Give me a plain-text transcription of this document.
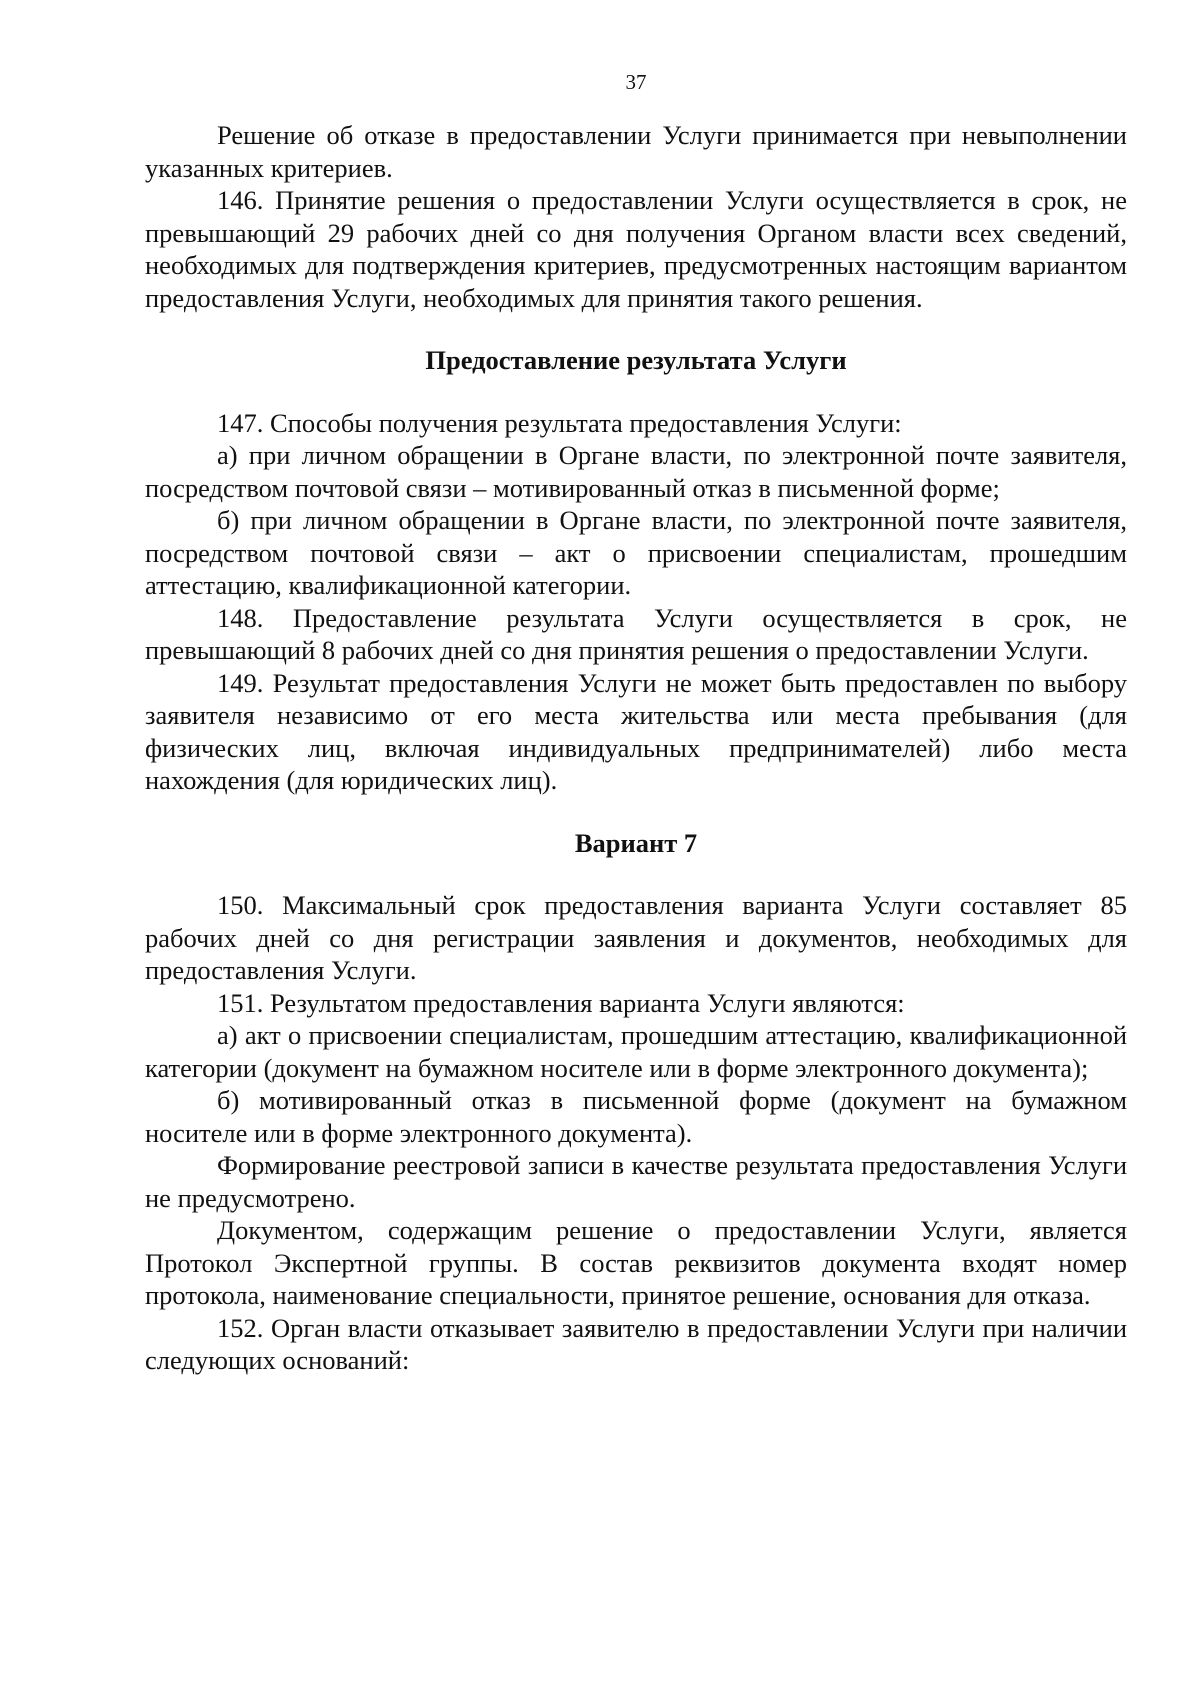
37

Решение об отказе в предоставлении Услуги принимается при невыполнении указанных критериев.

146. Принятие решения о предоставлении Услуги осуществляется в срок, не превышающий 29 рабочих дней со дня получения Органом власти всех сведений, необходимых для подтверждения критериев, предусмотренных настоящим вариантом предоставления Услуги, необходимых для принятия такого решения.

Предоставление результата Услуги

147. Способы получения результата предоставления Услуги:

а) при личном обращении в Органе власти, по электронной почте заявителя, посредством почтовой связи – мотивированный отказ в письменной форме;

б) при личном обращении в Органе власти, по электронной почте заявителя, посредством почтовой связи – акт о присвоении специалистам, прошедшим аттестацию, квалификационной категории.

148. Предоставление результата Услуги осуществляется в срок, не превышающий 8 рабочих дней со дня принятия решения о предоставлении Услуги.

149. Результат предоставления Услуги не может быть предоставлен по выбору заявителя независимо от его места жительства или места пребывания (для физических лиц, включая индивидуальных предпринимателей) либо места нахождения (для юридических лиц).

Вариант 7

150. Максимальный срок предоставления варианта Услуги составляет 85 рабочих дней со дня регистрации заявления и документов, необходимых для предоставления Услуги.

151. Результатом предоставления варианта Услуги являются:

а) акт о присвоении специалистам, прошедшим аттестацию, квалификационной категории (документ на бумажном носителе или в форме электронного документа);

б) мотивированный отказ в письменной форме (документ на бумажном носителе или в форме электронного документа).

Формирование реестровой записи в качестве результата предоставления Услуги не предусмотрено.

Документом, содержащим решение о предоставлении Услуги, является Протокол Экспертной группы. В состав реквизитов документа входят номер протокола, наименование специальности, принятое решение, основания для отказа.

152. Орган власти отказывает заявителю в предоставлении Услуги при наличии следующих оснований:
